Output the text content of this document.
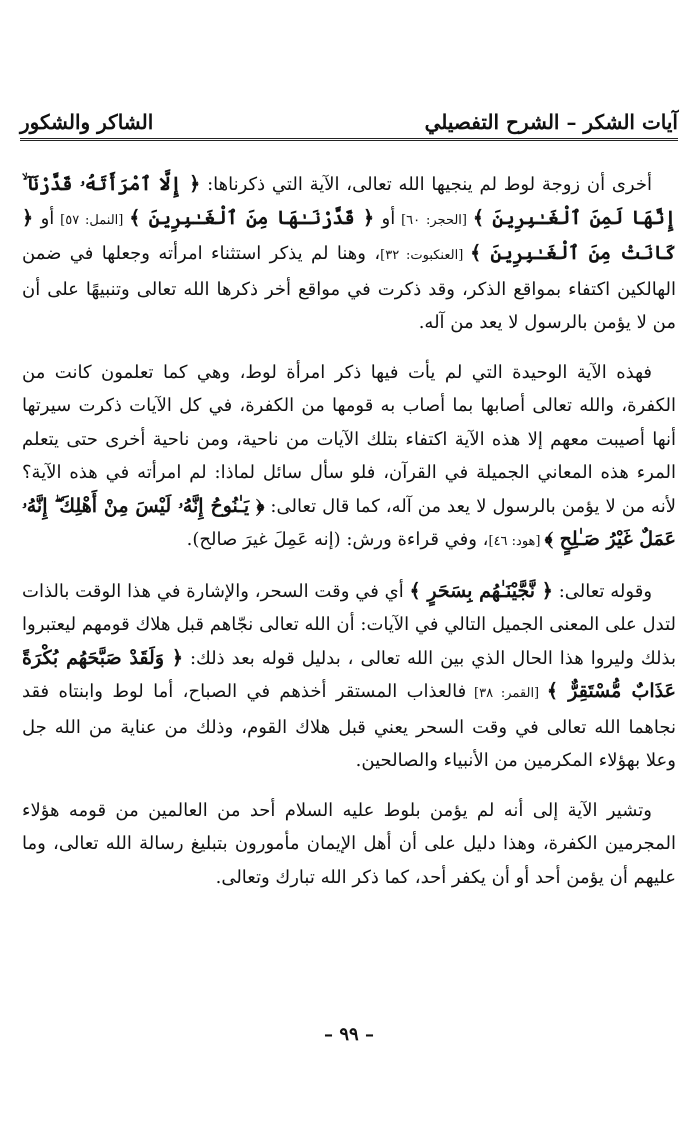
آيات الشكر – الشرح التفصيلي
الشاكر والشكور

أخرى أن زوجة لوط لم ينجيها الله تعالى، الآية التي ذكرناها: ﴿ إِلَّا ٱمْرَأَتَهُۥ قَدَّرْنَآ ۙ إِنَّهَا لَمِنَ ٱلْغَـٰبِرِينَ ﴾ [الحجر: ٦٠] أو ﴿ قَدَّرْنَـٰهَا مِنَ ٱلْغَـٰبِرِينَ ﴾ [النمل: ٥٧] أو ﴿ كَانَتْ مِنَ ٱلْغَـٰبِرِينَ ﴾ [العنكبوت: ٣٢]، وهنا لم يذكر استثناء امرأته وجعلها في ضمن الهالكين اكتفاء بمواقع الذكر، وقد ذكرت في مواقع أخر ذكرها الله تعالى وتنبيهًا على أن من لا يؤمن بالرسول لا يعد من آله.

فهذه الآية الوحيدة التي لم يأت فيها ذكر امرأة لوط، وهي كما تعلمون كانت من الكفرة، والله تعالى أصابها بما أصاب به قومها من الكفرة، في كل الآيات ذكرت سيرتها أنها أصيبت معهم إلا هذه الآية اكتفاء بتلك الآيات من ناحية، ومن ناحية أخرى حتى يتعلم المرء هذه المعاني الجميلة في القرآن، فلو سأل سائل لماذا: لم امرأته في هذه الآية؟ لأنه من لا يؤمن بالرسول لا يعد من آله، كما قال تعالى: ﴿ يَـٰنُوحُ إِنَّهُۥ لَيْسَ مِنْ أَهْلِكَ ۖ إِنَّهُۥ عَمَلٌ غَيْرُ صَـٰلِحٍ ﴾ [هود: ٤٦]، وفي قراءة ورش: (إنه عَمِلَ غيرَ صالح).

وقوله تعالى: ﴿ نَّجَّيْنَـٰهُم بِسَحَرٍ ﴾ أي في وقت السحر، والإشارة في هذا الوقت بالذات لتدل على المعنى الجميل التالي في الآيات: أن الله تعالى نجّاهم قبل هلاك قومهم ليعتبروا بذلك وليروا هذا الحال الذي بين الله تعالى ، بدليل قوله بعد ذلك: ﴿ وَلَقَدْ صَبَّحَهُم بُكْرَةً عَذَابٌ مُّسْتَقِرٌّ ﴾ [القمر: ٣٨] فالعذاب المستقر أخذهم في الصباح، أما لوط وابنتاه فقد نجاهما الله تعالى في وقت السحر يعني قبل هلاك القوم، وذلك من عناية من الله جل وعلا بهؤلاء المكرمين من الأنبياء والصالحين.

وتشير الآية إلى أنه لم يؤمن بلوط عليه السلام أحد من العالمين من قومه هؤلاء المجرمين الكفرة، وهذا دليل على أن أهل الإيمان مأمورون بتبليغ رسالة الله تعالى، وما عليهم أن يؤمن أحد أو أن يكفر أحد، كما ذكر الله تبارك وتعالى.

– ٩٩ –
